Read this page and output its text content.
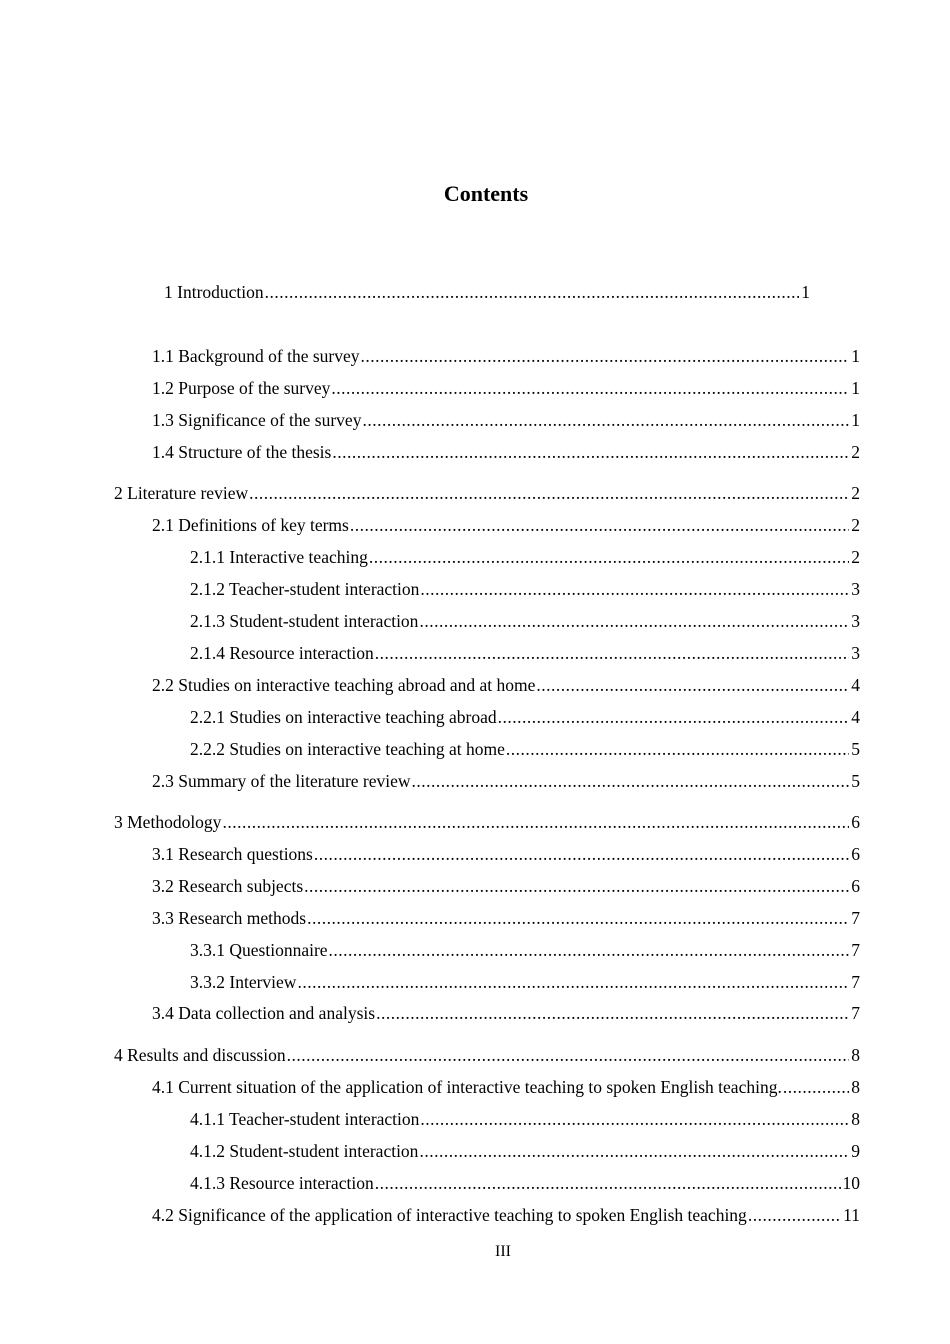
Contents
1 Introduction .....	1
1.1 Background of the survey .....	1
1.2 Purpose of the survey .....	1
1.3 Significance of the survey .....	1
1.4 Structure of the thesis .....	2
2 Literature review .....	2
2.1 Definitions of key terms .....	2
2.1.1 Interactive teaching .....	2
2.1.2 Teacher-student interaction .....	3
2.1.3 Student-student interaction .....	3
2.1.4 Resource interaction .....	3
2.2 Studies on interactive teaching abroad and at home .....	4
2.2.1 Studies on interactive teaching abroad .....	4
2.2.2 Studies on interactive teaching at home .....	5
2.3 Summary of the literature review .....	5
3 Methodology .....	6
3.1 Research questions .....	6
3.2 Research subjects .....	6
3.3 Research methods .....	7
3.3.1 Questionnaire .....	7
3.3.2 Interview .....	7
3.4 Data collection and analysis .....	7
4 Results and discussion .....	8
4.1 Current situation of the application of interactive teaching to spoken English teaching. .....	8
4.1.1 Teacher-student interaction .....	8
4.1.2 Student-student interaction .....	9
4.1.3 Resource interaction .....	10
4.2 Significance of the application of interactive teaching to spoken English teaching .....	11
III
